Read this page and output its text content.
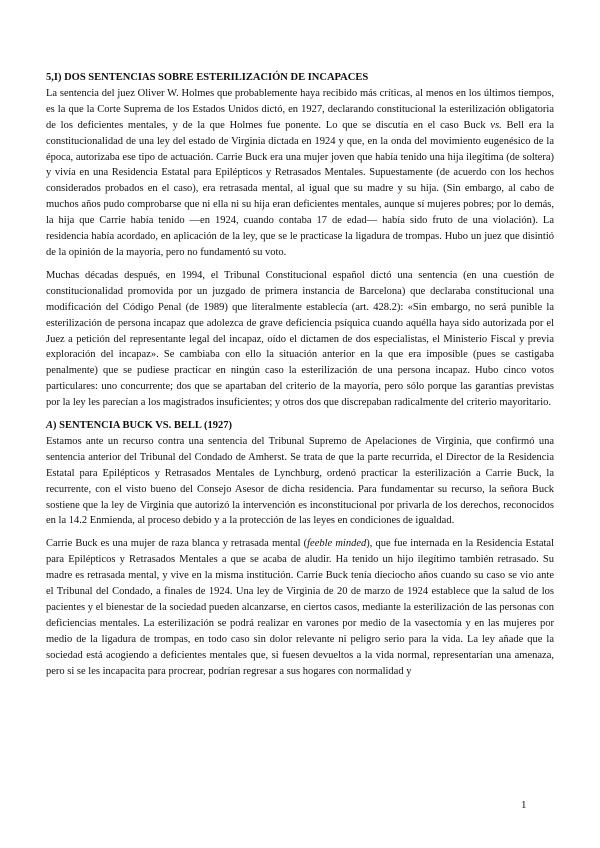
5,I) DOS SENTENCIAS SOBRE ESTERILIZACIÓN DE INCAPACES

La sentencia del juez Oliver W. Holmes que probablemente haya recibido más críticas, al menos en los últimos tiempos, es la que la Corte Suprema de los Estados Unidos dictó, en 1927, declarando constitucional la esterilización obligatoria de los deficientes mentales, y de la que Holmes fue ponente. Lo que se discutía en el caso Buck vs. Bell era la constitucionalidad de una ley del estado de Virginia dictada en 1924 y que, en la onda del movimiento eugenésico de la época, autorizaba ese tipo de actuación. Carrie Buck era una mujer joven que había tenido una hija ilegítima (de soltera) y vivía en una Residencia Estatal para Epilépticos y Retrasados Mentales. Supuestamente (de acuerdo con los hechos considerados probados en el caso), era retrasada mental, al igual que su madre y su hija. (Sin embargo, al cabo de muchos años pudo comprobarse que ni ella ni su hija eran deficientes mentales, aunque sí mujeres pobres; por lo demás, la hija que Carrie había tenido —en 1924, cuando contaba 17 de edad— había sido fruto de una violación). La residencia había acordado, en aplicación de la ley, que se le practicase la ligadura de trompas. Hubo un juez que disintió de la opinión de la mayoría, pero no fundamentó su voto.

Muchas décadas después, en 1994, el Tribunal Constitucional español dictó una sentencia (en una cuestión de constitucionalidad promovida por un juzgado de primera instancia de Barcelona) que declaraba constitucional una modificación del Código Penal (de 1989) que literalmente establecía (art. 428.2): «Sin embargo, no será punible la esterilización de persona incapaz que adolezca de grave deficiencia psíquica cuando aquélla haya sido autorizada por el Juez a petición del representante legal del incapaz, oído el dictamen de dos especialistas, el Ministerio Fiscal y previa exploración del incapaz». Se cambiaba con ello la situación anterior en la que era imposible (pues se castigaba penalmente) que se pudiese practicar en ningún caso la esterilización de una persona incapaz. Hubo cinco votos particulares: uno concurrente; dos que se apartaban del criterio de la mayoría, pero sólo porque las garantías previstas por la ley les parecían a los magistrados insuficientes; y otros dos que discrepaban radicalmente del criterio mayoritario.

A) SENTENCIA BUCK VS. BELL (1927)

Estamos ante un recurso contra una sentencia del Tribunal Supremo de Apelaciones de Virginia, que confirmó una sentencia anterior del Tribunal del Condado de Amherst. Se trata de que la parte recurrida, el Director de la Residencia Estatal para Epilépticos y Retrasados Mentales de Lynchburg, ordenó practicar la esterilización a Carrie Buck, la recurrente, con el visto bueno del Consejo Asesor de dicha residencia. Para fundamentar su recurso, la señora Buck sostiene que la ley de Virginia que autorizó la intervención es inconstitucional por privarla de los derechos, reconocidos en la 14.2 Enmienda, al proceso debido y a la protección de las leyes en condiciones de igualdad.

Carrie Buck es una mujer de raza blanca y retrasada mental (feeble minded), que fue internada en la Residencia Estatal para Epilépticos y Retrasados Mentales a que se acaba de aludir. Ha tenido un hijo ilegítimo también retrasado. Su madre es retrasada mental, y vive en la misma institución. Carrie Buck tenía dieciocho años cuando su caso se vio ante el Tribunal del Condado, a finales de 1924. Una ley de Virginia de 20 de marzo de 1924 establece que la salud de los pacientes y el bienestar de la sociedad pueden alcanzarse, en ciertos casos, mediante la esterilización de las personas con deficiencias mentales. La esterilización se podrá realizar en varones por medio de la vasectomía y en las mujeres por medio de la ligadura de trompas, en todo caso sin dolor relevante ni peligro serio para la vida. La ley añade que la sociedad está acogiendo a deficientes mentales que, si fuesen devueltos a la vida normal, representarían una amenaza, pero si se les incapacita para procrear, podrían regresar a sus hogares con normalidad y

1
